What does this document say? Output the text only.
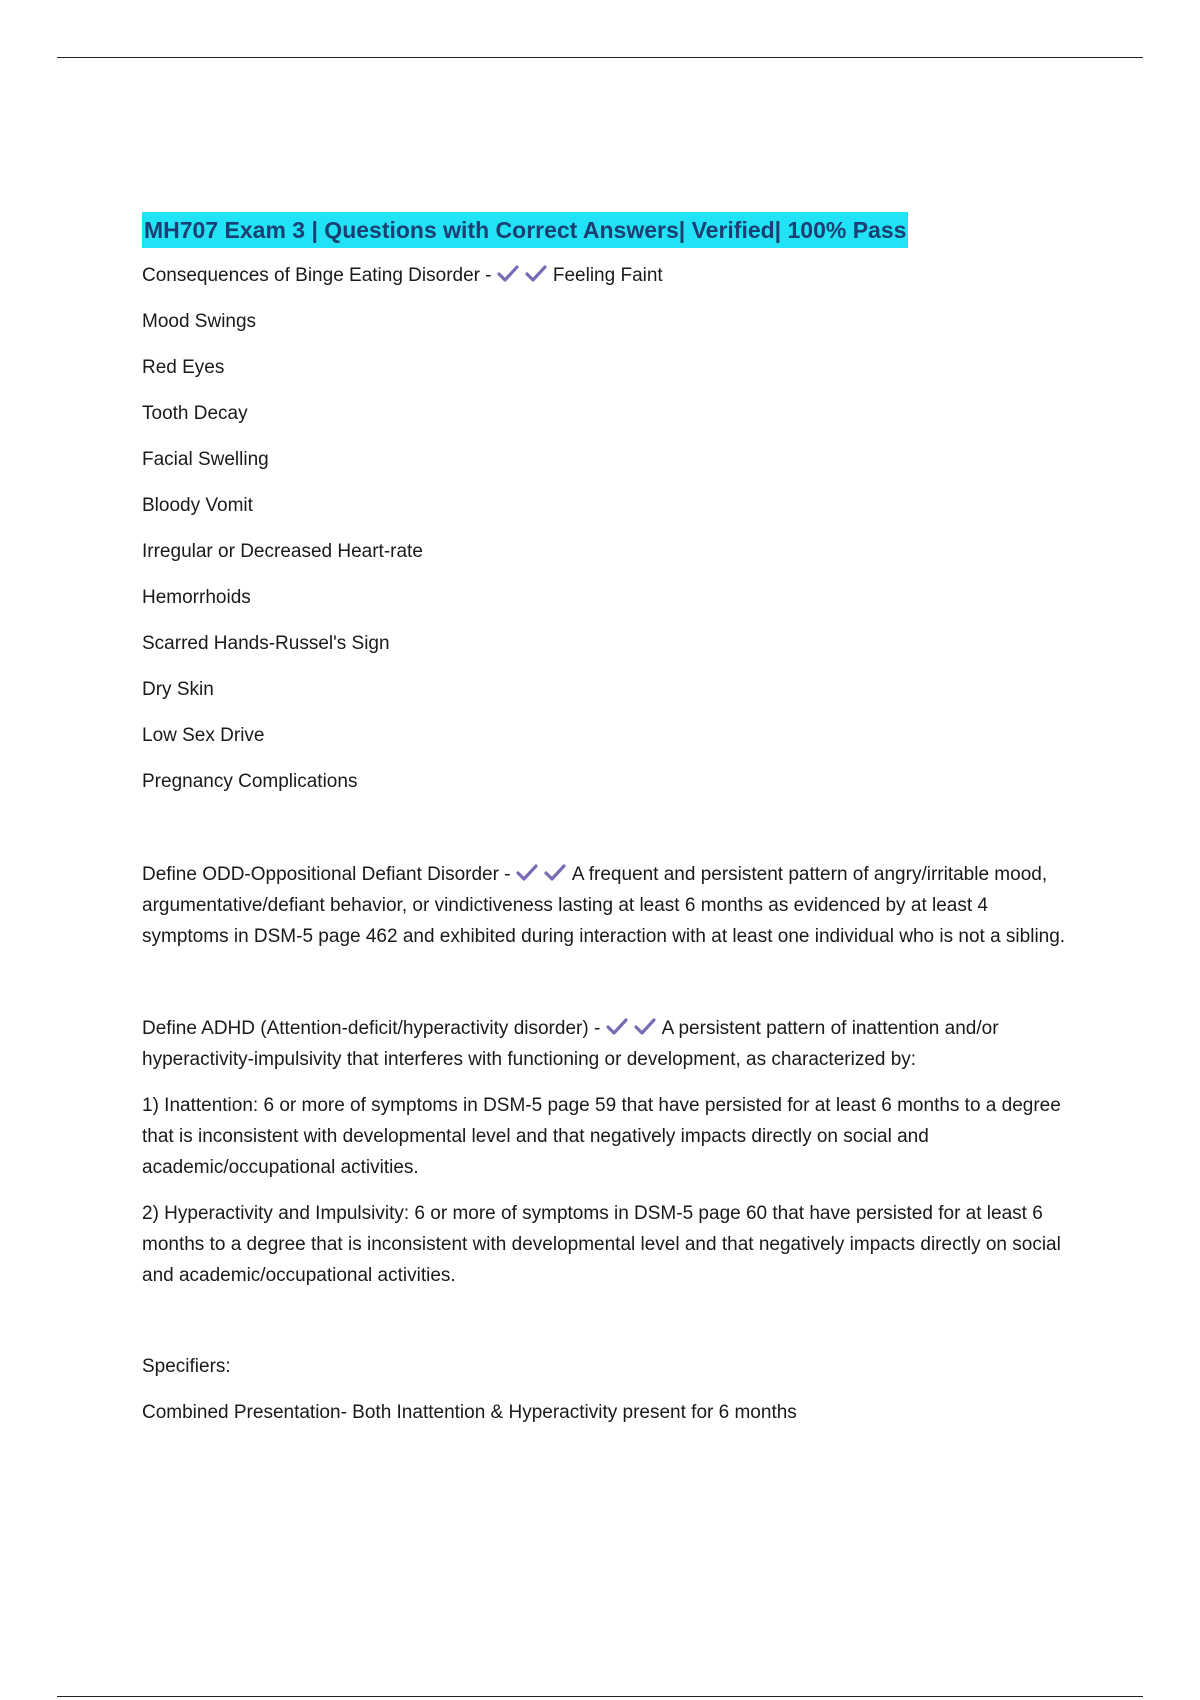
MH707 Exam 3 | Questions with Correct Answers| Verified| 100% Pass

Consequences of Binge Eating Disorder -	Feeling Faint

Mood Swings

Red Eyes

Tooth Decay

Facial Swelling

Bloody Vomit

Irregular or Decreased Heart-rate

Hemorrhoids

Scarred Hands-Russel's Sign

Dry Skin

Low Sex Drive

Pregnancy Complications

Define ODD-Oppositional Defiant Disorder -	A frequent and persistent pattern of angry/irritable mood, argumentative/defiant behavior, or vindictiveness lasting at least 6 months as evidenced by at least 4 symptoms in DSM-5 page 462 and exhibited during interaction with at least one individual who is not a sibling.

Define ADHD (Attention-deficit/hyperactivity disorder) -	A persistent pattern of inattention and/or hyperactivity-impulsivity that interferes with functioning or development, as characterized by:

1) Inattention: 6 or more of symptoms in DSM-5 page 59 that have persisted for at least 6 months to a degree that is inconsistent with developmental level and that negatively impacts directly on social and academic/occupational activities.

2) Hyperactivity and Impulsivity: 6 or more of symptoms in DSM-5 page 60 that have persisted for at least 6 months to a degree that is inconsistent with developmental level and that negatively impacts directly on social and academic/occupational activities.

Specifiers:

Combined Presentation- Both Inattention & Hyperactivity present for 6 months
